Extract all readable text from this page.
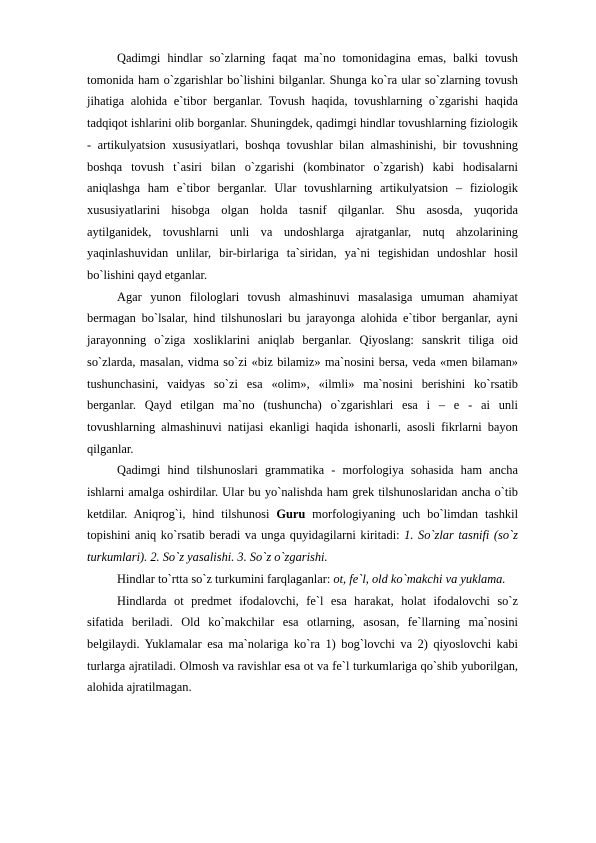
Qadimgi hindlar so`zlarning faqat ma`no tomonidagina emas, balki tovush tomonida ham o`zgarishlar bo`lishini bilganlar. Shunga ko`ra ular so`zlarning tovush jihatiga alohida e`tibor berganlar. Tovush haqida, tovushlarning o`zgarishi haqida tadqiqot ishlarini olib borganlar. Shuningdek, qadimgi hindlar tovushlarning fiziologik - artikulyatsion xususiyatlari, boshqa tovushlar bilan almashinishi, bir tovushning boshqa tovush t`asiri bilan o`zgarishi (kombinator o`zgarish) kabi hodisalarni aniqlashga ham e`tibor berganlar. Ular tovushlarning artikulyatsion – fiziologik xususiyatlarini hisobga olgan holda tasnif qilganlar. Shu asosda, yuqorida aytilganidek, tovushlarni unli va undoshlarga ajratganlar, nutq ahzolarining yaqinlashuvidan unlilar, bir-birlariga ta`siridan, ya`ni tegishidan undoshlar hosil bo`lishini qayd etganlar.

Agar yunon filologlari tovush almashinuvi masalasiga umuman ahamiyat bermagan bo`lsalar, hind tilshunoslari bu jarayonga alohida e`tibor berganlar, ayni jarayonning o`ziga xosliklarini aniqlab berganlar. Qiyoslang: sanskrit tiliga oid so`zlarda, masalan, vidma so`zi «biz bilamiz» ma`nosini bersa, veda «men bilaman» tushunchasini, vaidyas so`zi esa «olim», «ilmli» ma`nosini berishini ko`rsatib berganlar. Qayd etilgan ma`no (tushuncha) o`zgarishlari esa i – e - ai unli tovushlarning almashinuvi natijasi ekanligi haqida ishonarli, asosli fikrlarni bayon qilganlar.

Qadimgi hind tilshunoslari grammatika - morfologiya sohasida ham ancha ishlarni amalga oshirdilar. Ular bu yo`nalishda ham grek tilshunoslaridan ancha o`tib ketdilar. Aniqrog`i, hind tilshunosi Guru morfologiyaning uch bo`limdan tashkil topishini aniq ko`rsatib beradi va unga quyidagilarni kiritadi: 1. So`zlar tasnifi (so`z turkumlari). 2. So`z yasalishi. 3. So`z o`zgarishi.

Hindlar to`rtta so`z turkumini farqlaganlar: ot, fe`l, old ko`makchi va yuklama.

Hindlarda ot predmet ifodalovchi, fe`l esa harakat, holat ifodalovchi so`z sifatida beriladi. Old ko`makchilar esa otlarning, asosan, fe`llarning ma`nosini belgilaydi. Yuklamalar esa ma`nolariga ko`ra 1) bog`lovchi va 2) qiyoslovchi kabi turlarga ajratiladi. Olmosh va ravishlar esa ot va fe`l turkumlariga qo`shib yuborilgan, alohida ajratilmagan.
